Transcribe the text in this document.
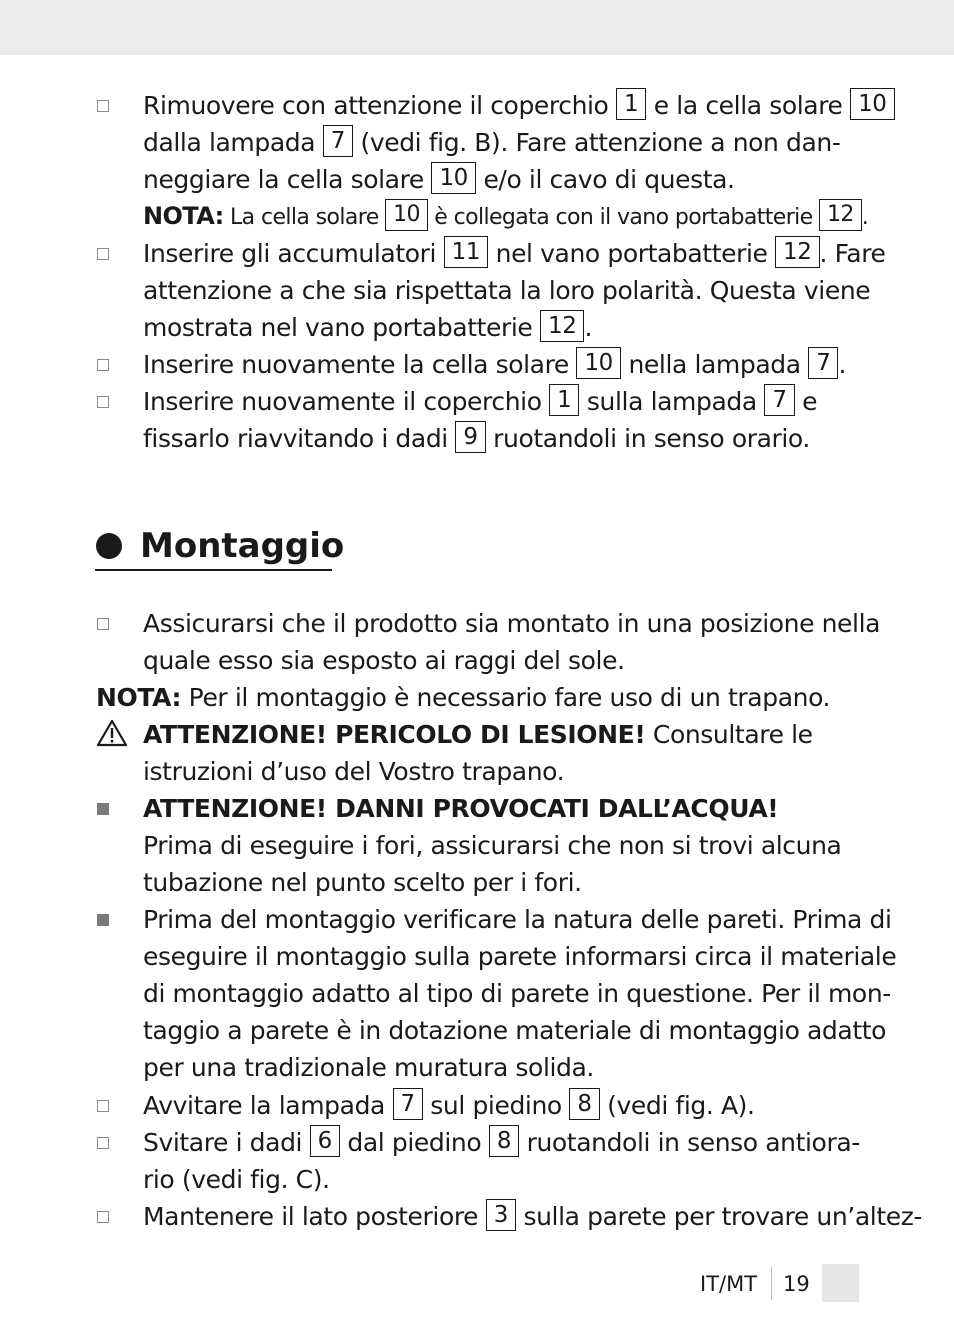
Rimuovere con attenzione il coperchio 1 e la cella solare 10
dalla lampada 7 (vedi fig. B). Fare attenzione a non dan-
neggiare la cella solare 10 e/o il cavo di questa.
NOTA: La cella solare 10 è collegata con il vano portabatterie 12 .
Inserire gli accumulatori 11 nel vano portabatterie 12 . Fare
attenzione a che sia rispettata la loro polarità. Questa viene
mostrata nel vano portabatterie 12 .
Inserire nuovamente la cella solare 10 nella lampada 7 .
Inserire nuovamente il coperchio 1 sulla lampada 7 e
fissarlo riavvitando i dadi 9 ruotandoli in senso orario.
Montaggio
Assicurarsi che il prodotto sia montato in una posizione nella
quale esso sia esposto ai raggi del sole.
NOTA: Per il montaggio è necessario fare uso di un trapano.
ATTENZIONE! PERICOLO DI LESIONE! Consultare le
istruzioni d’uso del Vostro trapano.
ATTENZIONE! DANNI PROVOCATI DALL’ACQUA!
Prima di eseguire i fori, assicurarsi che non si trovi alcuna
tubazione nel punto scelto per i fori.
Prima del montaggio verificare la natura delle pareti. Prima di
eseguire il montaggio sulla parete informarsi circa il materiale
di montaggio adatto al tipo di parete in questione. Per il mon-
taggio a parete è in dotazione materiale di montaggio adatto
per una tradizionale muratura solida.
Avvitare la lampada 7 sul piedino 8 (vedi fig. A).
Svitare i dadi 6 dal piedino 8 ruotandoli in senso antiora-
rio (vedi fig. C).
Mantenere il lato posteriore 3 sulla parete per trovare un’altez-
IT/MT 19
